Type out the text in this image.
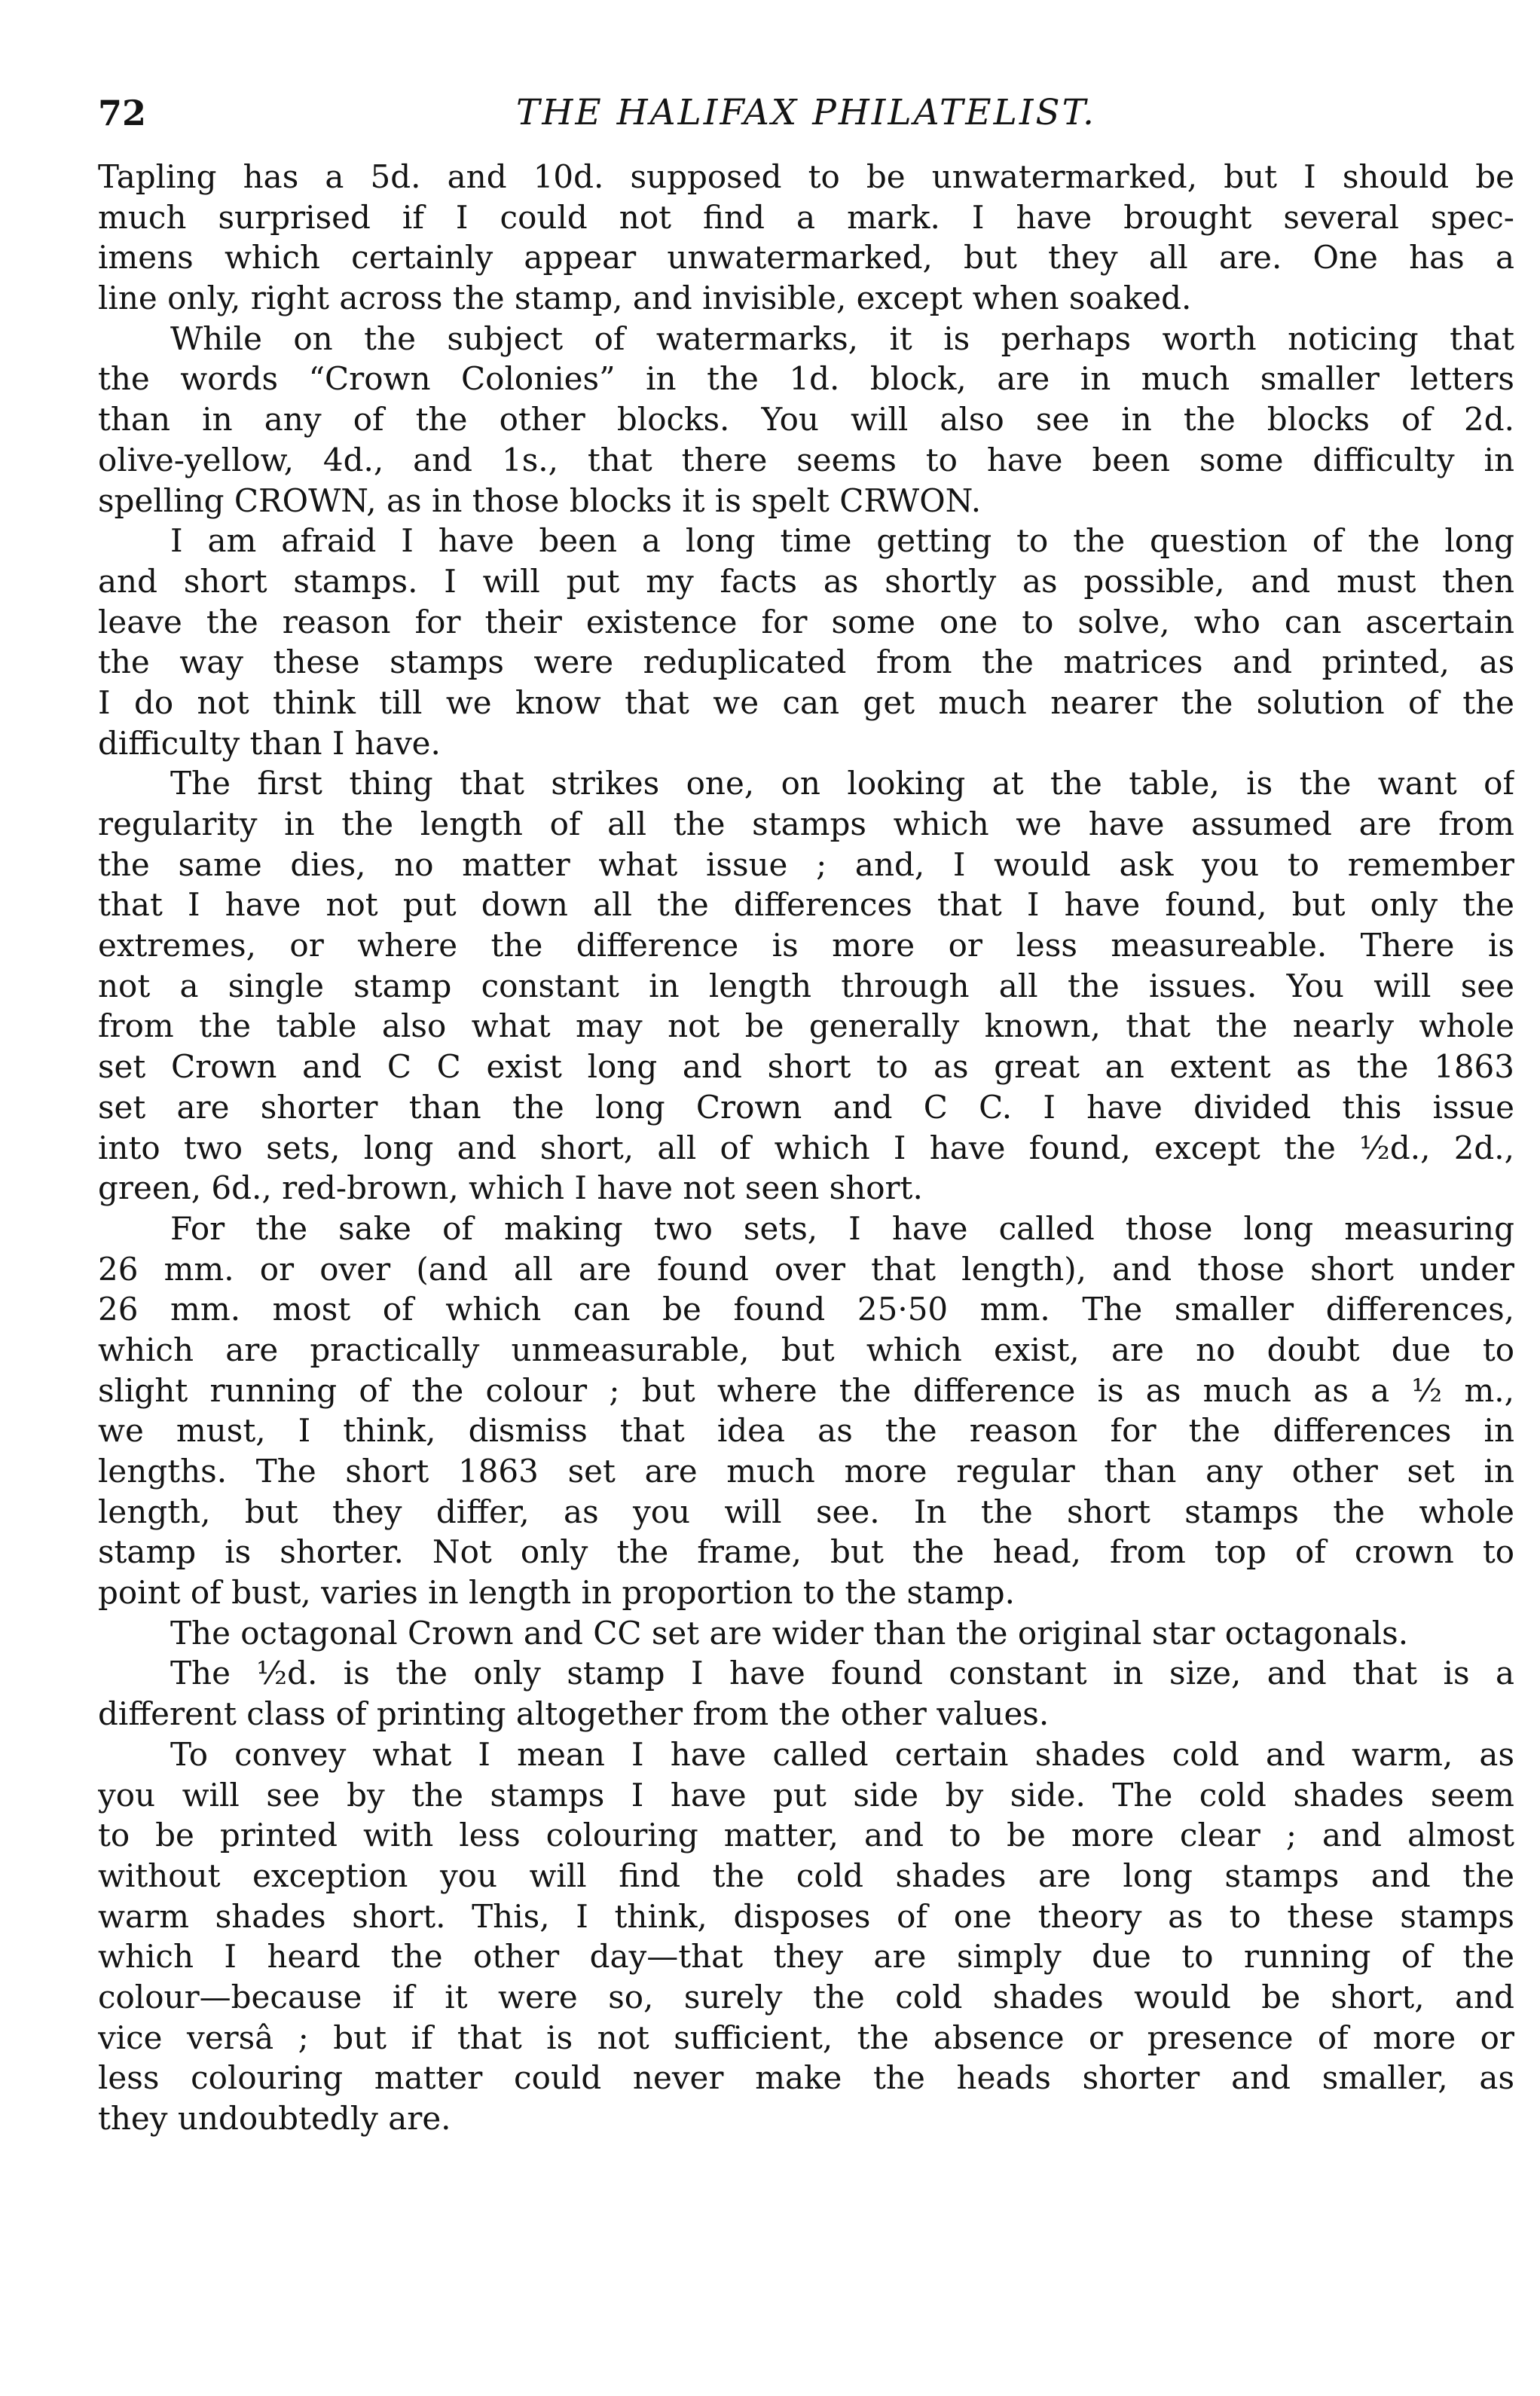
72	THE HALIFAX PHILATELIST.
Tapling has a 5d. and 10d. supposed to be unwatermarked, but I should be
much surprised if I could not find a mark. I have brought several spec-
imens which certainly appear unwatermarked, but they all are. One has a
line only, right across the stamp, and invisible, except when soaked.
While on the subject of watermarks, it is perhaps worth noticing that
the words “Crown Colonies” in the 1d. block, are in much smaller letters
than in any of the other blocks. You will also see in the blocks of 2d.
olive-yellow, 4d., and 1s., that there seems to have been some difficulty in
spelling CROWN, as in those blocks it is spelt CRWON.
I am afraid I have been a long time getting to the question of the long
and short stamps. I will put my facts as shortly as possible, and must then
leave the reason for their existence for some one to solve, who can ascertain
the way these stamps were reduplicated from the matrices and printed, as
I do not think till we know that we can get much nearer the solution of the
difficulty than I have.
The first thing that strikes one, on looking at the table, is the want of
regularity in the length of all the stamps which we have assumed are from
the same dies, no matter what issue ; and, I would ask you to remember
that I have not put down all the differences that I have found, but only the
extremes, or where the difference is more or less measureable. There is
not a single stamp constant in length through all the issues. You will see
from the table also what may not be generally known, that the nearly whole
set Crown and C C exist long and short to as great an extent as the 1863
set are shorter than the long Crown and C C. I have divided this issue
into two sets, long and short, all of which I have found, except the ½d., 2d.,
green, 6d., red-brown, which I have not seen short.
For the sake of making two sets, I have called those long measuring
26 mm. or over (and all are found over that length), and those short under
26 mm. most of which can be found 25·50 mm. The smaller differences,
which are practically unmeasurable, but which exist, are no doubt due to
slight running of the colour ; but where the difference is as much as a ½ m.,
we must, I think, dismiss that idea as the reason for the differences in
lengths. The short 1863 set are much more regular than any other set in
length, but they differ, as you will see. In the short stamps the whole
stamp is shorter. Not only the frame, but the head, from top of crown to
point of bust, varies in length in proportion to the stamp.
The octagonal Crown and CC set are wider than the original star octagonals.
The ½d. is the only stamp I have found constant in size, and that is a
different class of printing altogether from the other values.
To convey what I mean I have called certain shades cold and warm, as
you will see by the stamps I have put side by side. The cold shades seem
to be printed with less colouring matter, and to be more clear ; and almost
without exception you will find the cold shades are long stamps and the
warm shades short. This, I think, disposes of one theory as to these stamps
which I heard the other day—that they are simply due to running of the
colour—because if it were so, surely the cold shades would be short, and
vice versâ ; but if that is not sufficient, the absence or presence of more or
less colouring matter could never make the heads shorter and smaller, as
they undoubtedly are.
